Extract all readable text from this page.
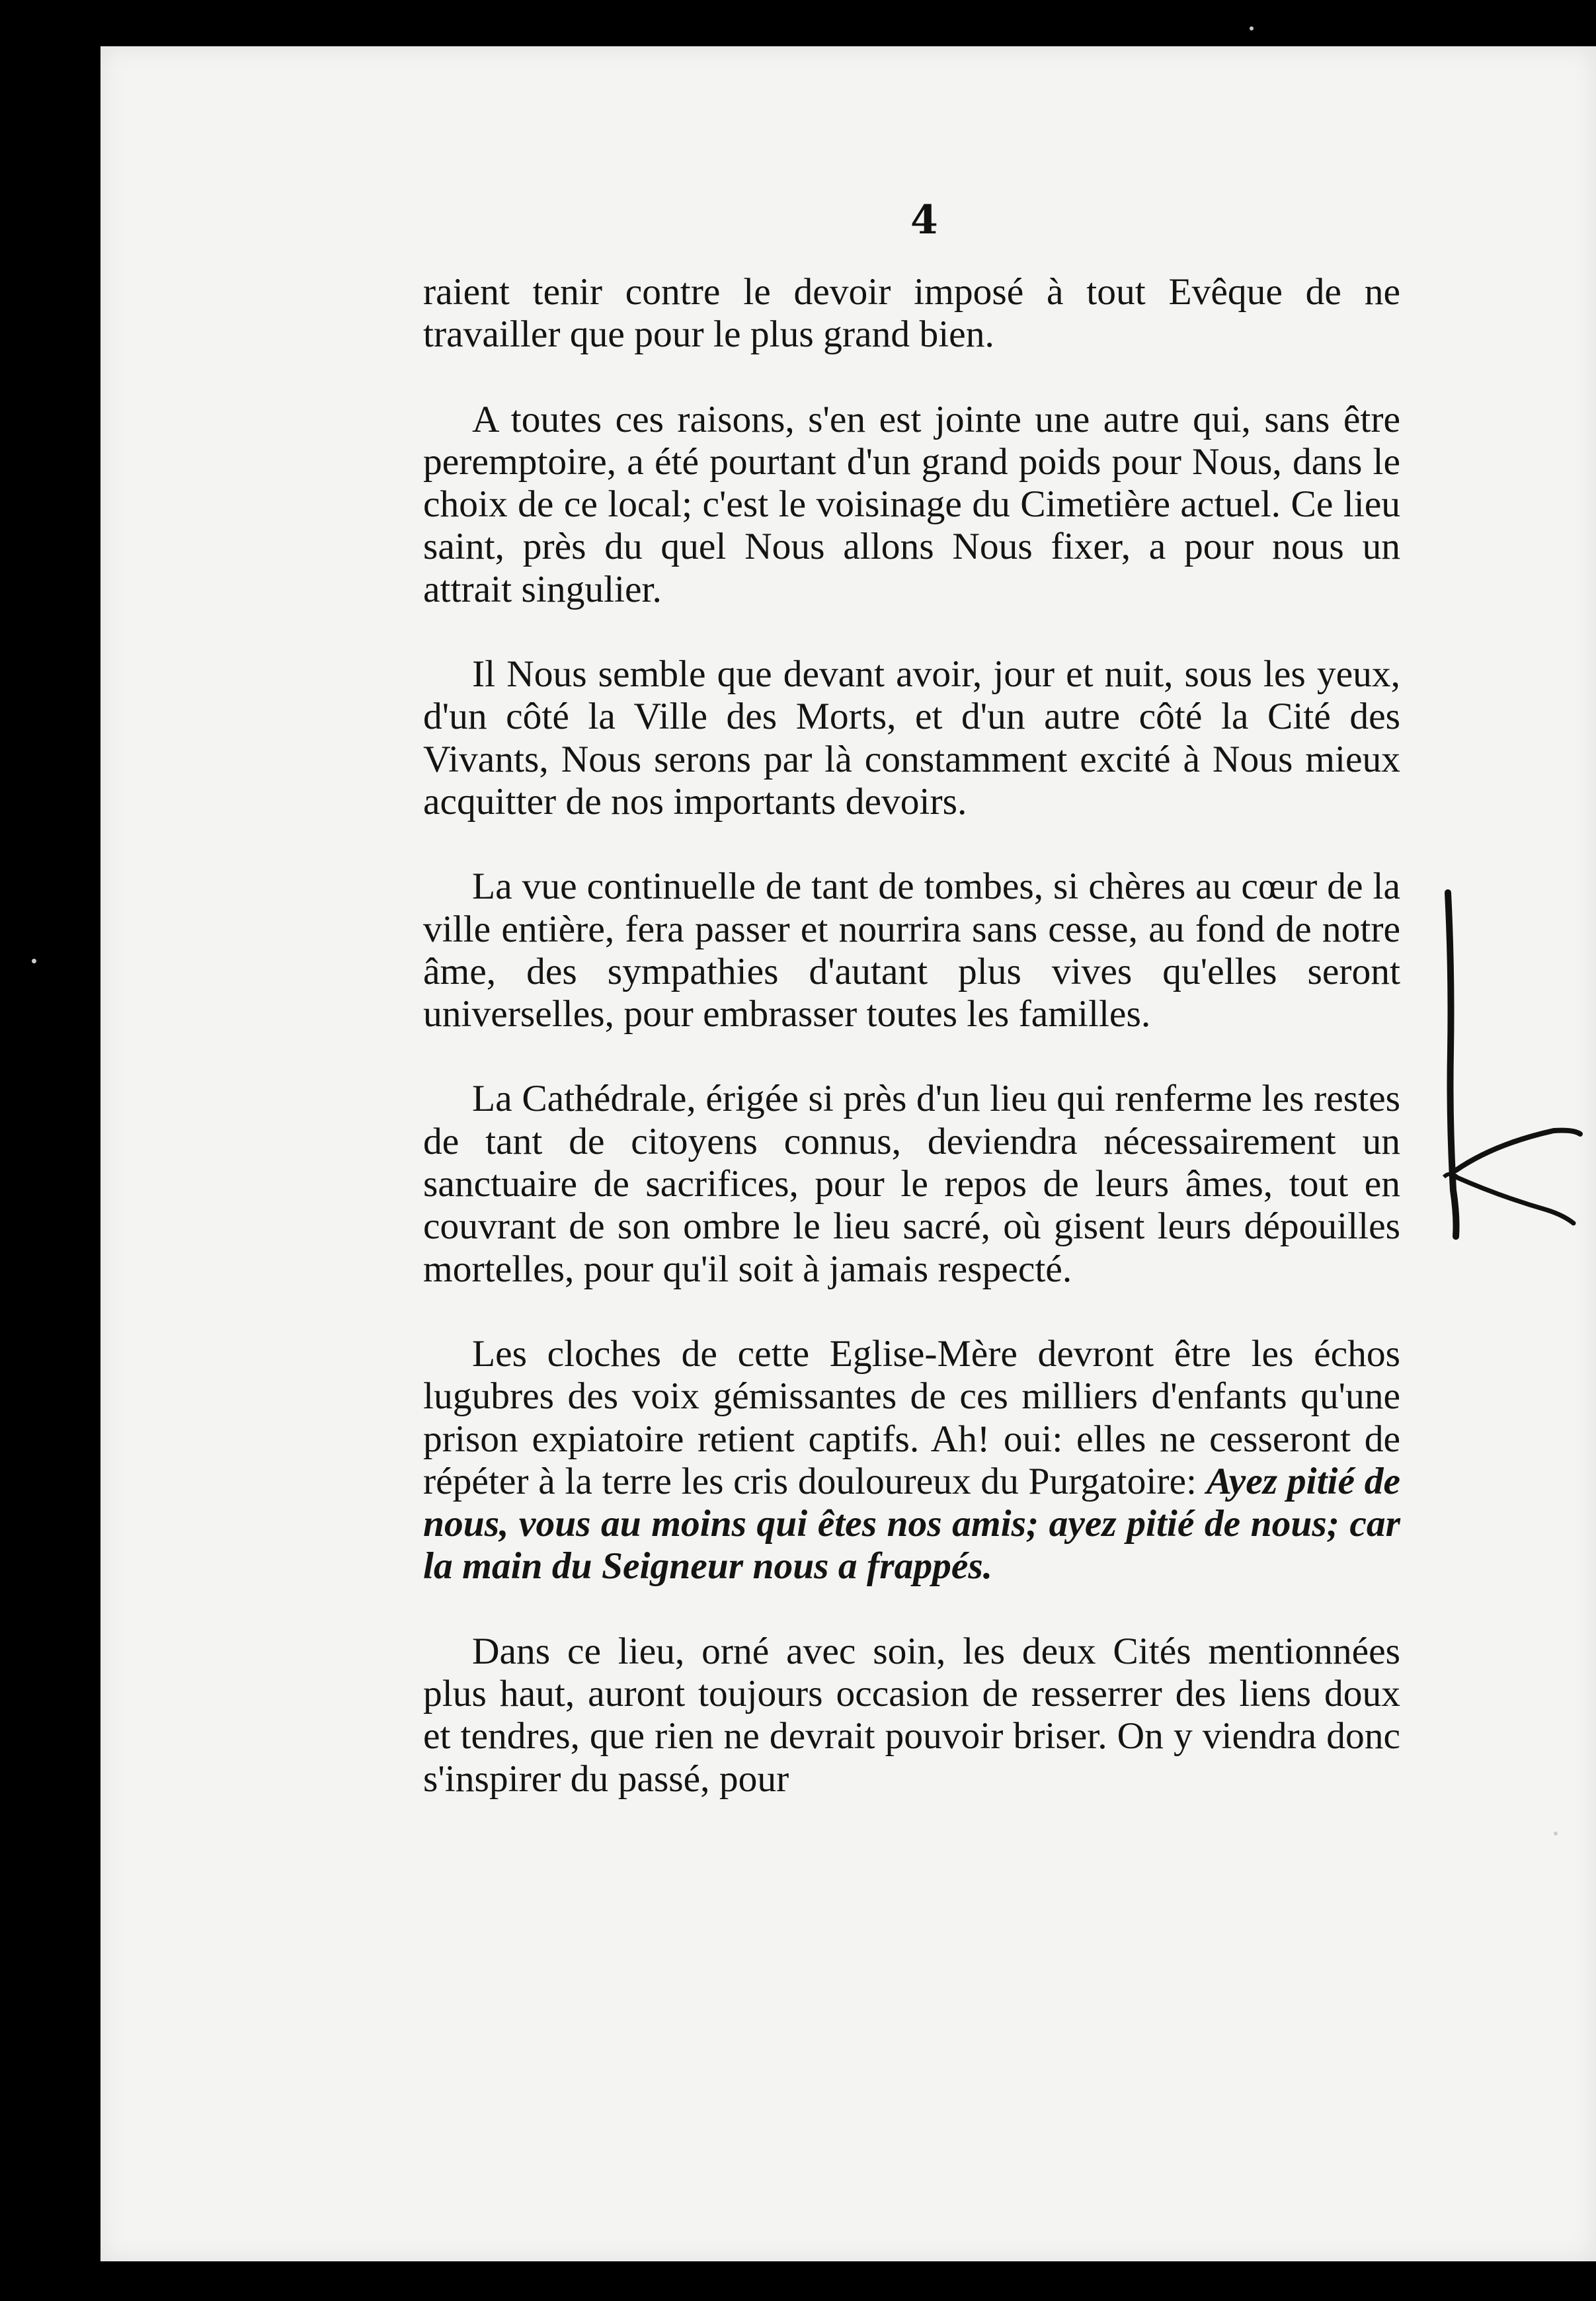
4

raient tenir contre le devoir imposé à tout Evêque de ne travailler que pour le plus grand bien.

A toutes ces raisons, s'en est jointe une autre qui, sans être peremptoire, a été pourtant d'un grand poids pour Nous, dans le choix de ce local; c'est le voisinage du Cimetière actuel. Ce lieu saint, près du quel Nous allons Nous fixer, a pour nous un attrait singulier.

Il Nous semble que devant avoir, jour et nuit, sous les yeux, d'un côté la Ville des Morts, et d'un autre côté la Cité des Vivants, Nous serons par là constamment excité à Nous mieux acquitter de nos importants devoirs.

La vue continuelle de tant de tombes, si chères au cœur de la ville entière, fera passer et nourrira sans cesse, au fond de notre âme, des sympathies d'autant plus vives qu'elles seront universelles, pour embrasser toutes les familles.

La Cathédrale, érigée si près d'un lieu qui renferme les restes de tant de citoyens connus, deviendra nécessairement un sanctuaire de sacrifices, pour le repos de leurs âmes, tout en couvrant de son ombre le lieu sacré, où gisent leurs dépouilles mortelles, pour qu'il soit à jamais respecté.

Les cloches de cette Eglise-Mère devront être les échos lugubres des voix gémissantes de ces milliers d'enfants qu'une prison expiatoire retient captifs. Ah! oui: elles ne cesseront de répéter à la terre les cris douloureux du Purgatoire: Ayez pitié de nous, vous au moins qui êtes nos amis; ayez pitié de nous; car la main du Seigneur nous a frappés.

Dans ce lieu, orné avec soin, les deux Cités mentionnées plus haut, auront toujours occasion de resserrer des liens doux et tendres, que rien ne devrait pouvoir briser. On y viendra donc s'inspirer du passé, pour
